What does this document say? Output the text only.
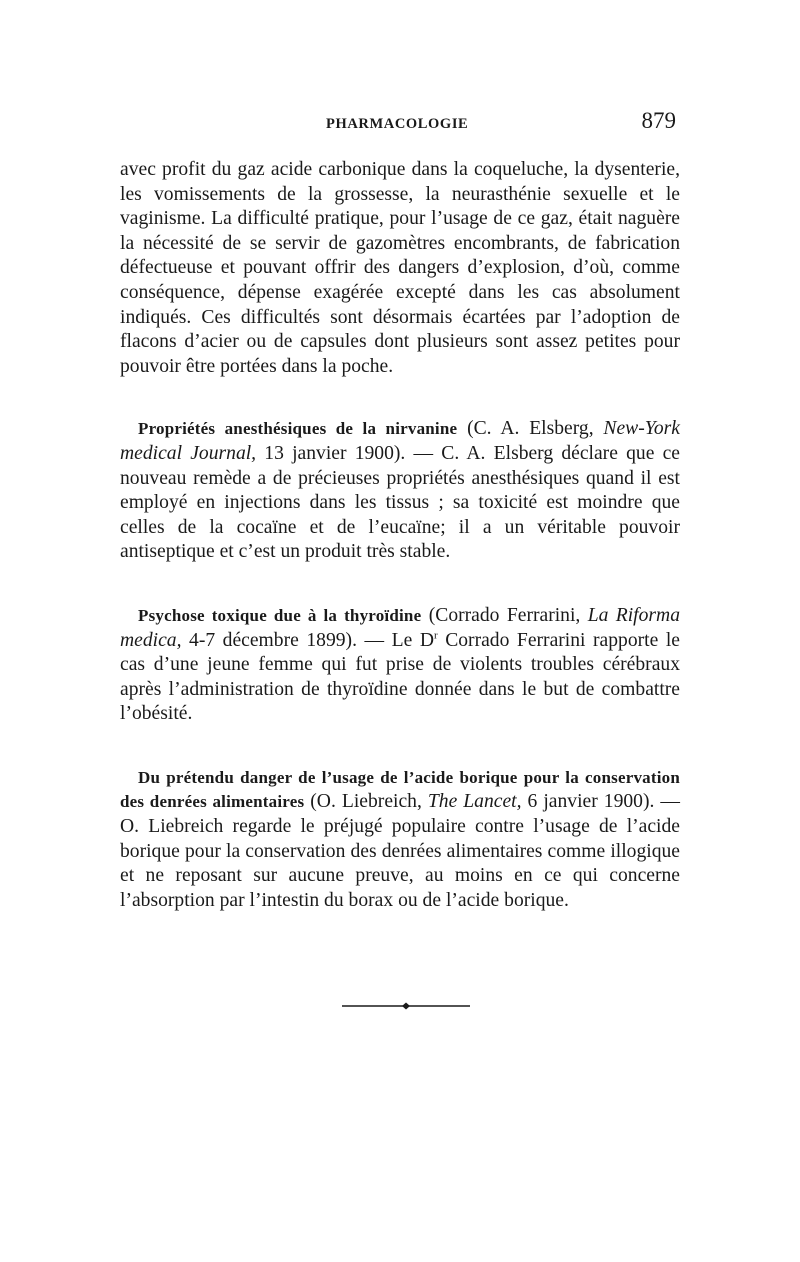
PHARMACOLOGIE	879

avec profit du gaz acide carbonique dans la coqueluche, la dysenterie, les vomissements de la grossesse, la neurasthénie sexuelle et le vaginisme. La difficulté pratique, pour l’usage de ce gaz, était naguère la nécessité de se servir de gazomètres encombrants, de fabrication défectueuse et pouvant offrir des dangers d’explosion, d’où, comme conséquence, dépense exagérée excepté dans les cas absolument indiqués. Ces difficultés sont désormais écartées par l’adoption de flacons d’acier ou de capsules dont plusieurs sont assez petites pour pouvoir être portées dans la poche.

Propriétés anesthésiques de la nirvanine (C. A. Elsberg, New-York medical Journal, 13 janvier 1900). — C. A. Elsberg déclare que ce nouveau remède a de précieuses propriétés anesthésiques quand il est employé en injections dans les tissus ; sa toxicité est moindre que celles de la cocaïne et de l’eucaïne; il a un véritable pouvoir antiseptique et c’est un produit très stable.

Psychose toxique due à la thyroïdine (Corrado Ferrarini, La Riforma medica, 4-7 décembre 1899). — Le $D^r$ Corrado Ferrarini rapporte le cas d’une jeune femme qui fut prise de violents troubles cérébraux après l’administration de thyroïdine donnée dans le but de combattre l’obésité.

Du prétendu danger de l’usage de l’acide borique pour la conservation des denrées alimentaires (O. Liebreich, The Lancet, 6 janvier 1900). — O. Liebreich regarde le préjugé populaire contre l’usage de l’acide borique pour la conservation des denrées alimentaires comme illogique et ne reposant sur aucune preuve, au moins en ce qui concerne l’absorption par l’intestin du borax ou de l’acide borique.
